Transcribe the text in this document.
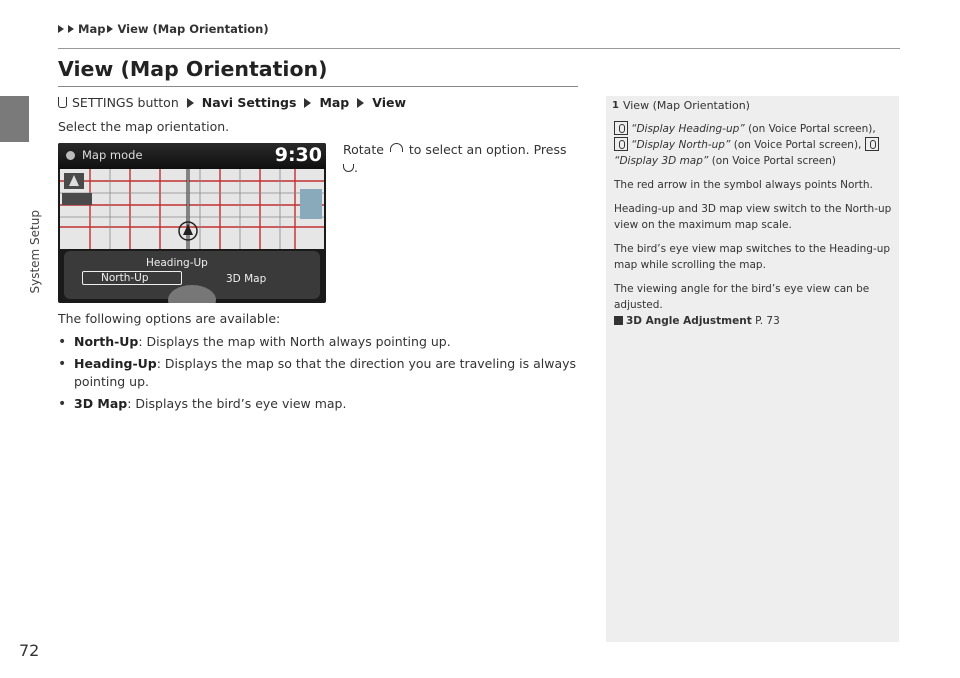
System Setup
72
Map View (Map Orientation)
View (Map Orientation)
SETTINGS button Navi Settings Map View
Select the map orientation.
Map mode	9:30
Heading-Up
North-Up	3D Map
Rotate to select an option. Press .
The following options are available:
• North-Up: Displays the map with North always pointing up.
• Heading-Up: Displays the map so that the direction you are traveling is always pointing up.
• 3D Map: Displays the bird’s eye view map.
1 View (Map Orientation)

“Display Heading-up” (on Voice Portal screen), “Display North-up” (on Voice Portal screen), “Display 3D map” (on Voice Portal screen)

The red arrow in the symbol always points North.

Heading-up and 3D map view switch to the North-up view on the maximum map scale.

The bird’s eye view map switches to the Heading-up map while scrolling the map.

The viewing angle for the bird’s eye view can be adjusted.
3D Angle Adjustment P. 73
